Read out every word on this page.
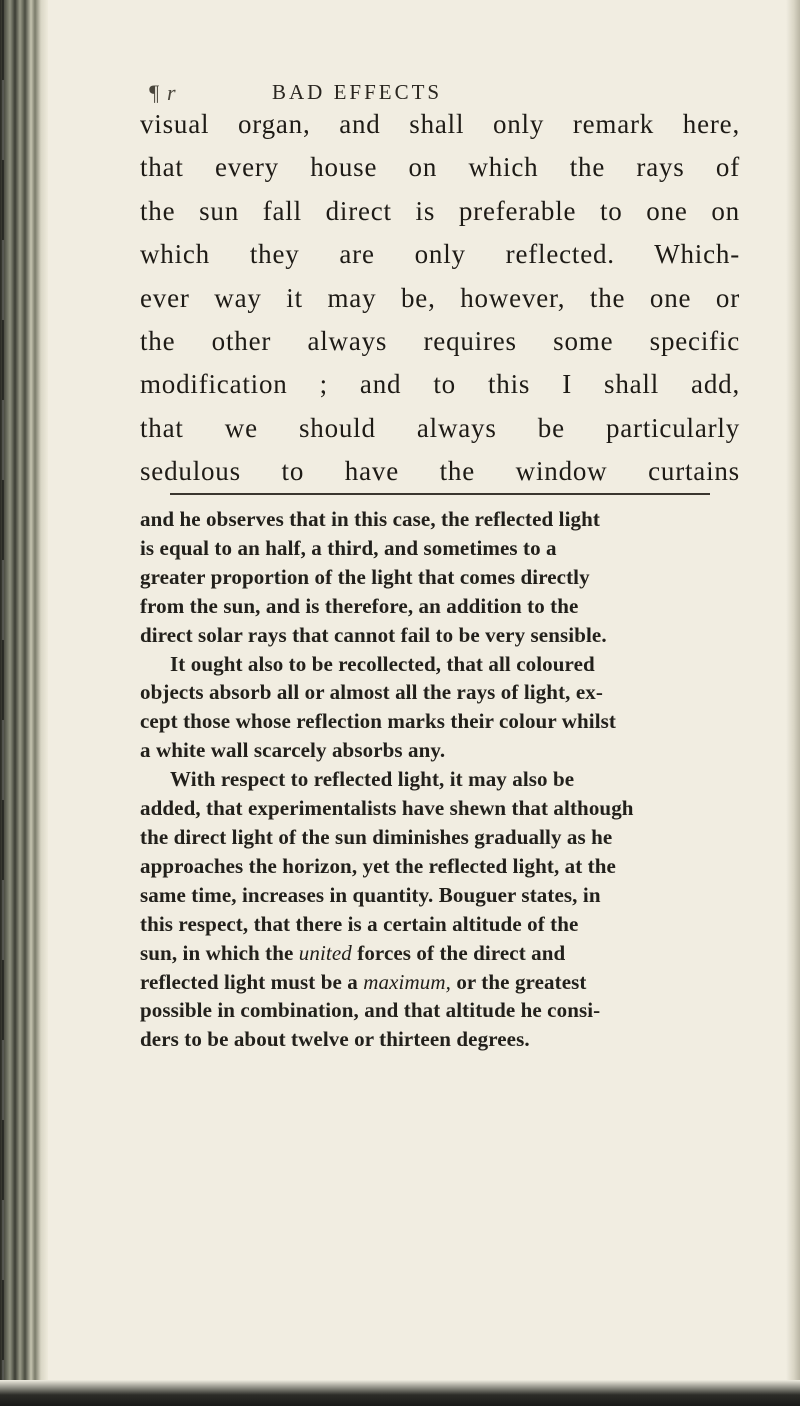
¶ r	BAD EFFECTS

visual organ, and shall only remark here,
that every house on which the rays of
the sun fall direct is preferable to one on
which they are only reflected. Which-
ever way it may be, however, the one or
the other always requires some specific
modification ; and to this I shall add,
that we should always be particularly
sedulous to have the window curtains

and he observes that in this case, the reflected light
is equal to an half, a third, and sometimes to a
greater proportion of the light that comes directly
from the sun, and is therefore, an addition to the
direct solar rays that cannot fail to be very sensible.
It ought also to be recollected, that all coloured
objects absorb all or almost all the rays of light, ex-
cept those whose reflection marks their colour whilst
a white wall scarcely absorbs any.
With respect to reflected light, it may also be
added, that experimentalists have shewn that although
the direct light of the sun diminishes gradually as he
approaches the horizon, yet the reflected light, at the
same time, increases in quantity. Bouguer states, in
this respect, that there is a certain altitude of the
sun, in which the united forces of the direct and
reflected light must be a maximum, or the greatest
possible in combination, and that altitude he consi-
ders to be about twelve or thirteen degrees.
